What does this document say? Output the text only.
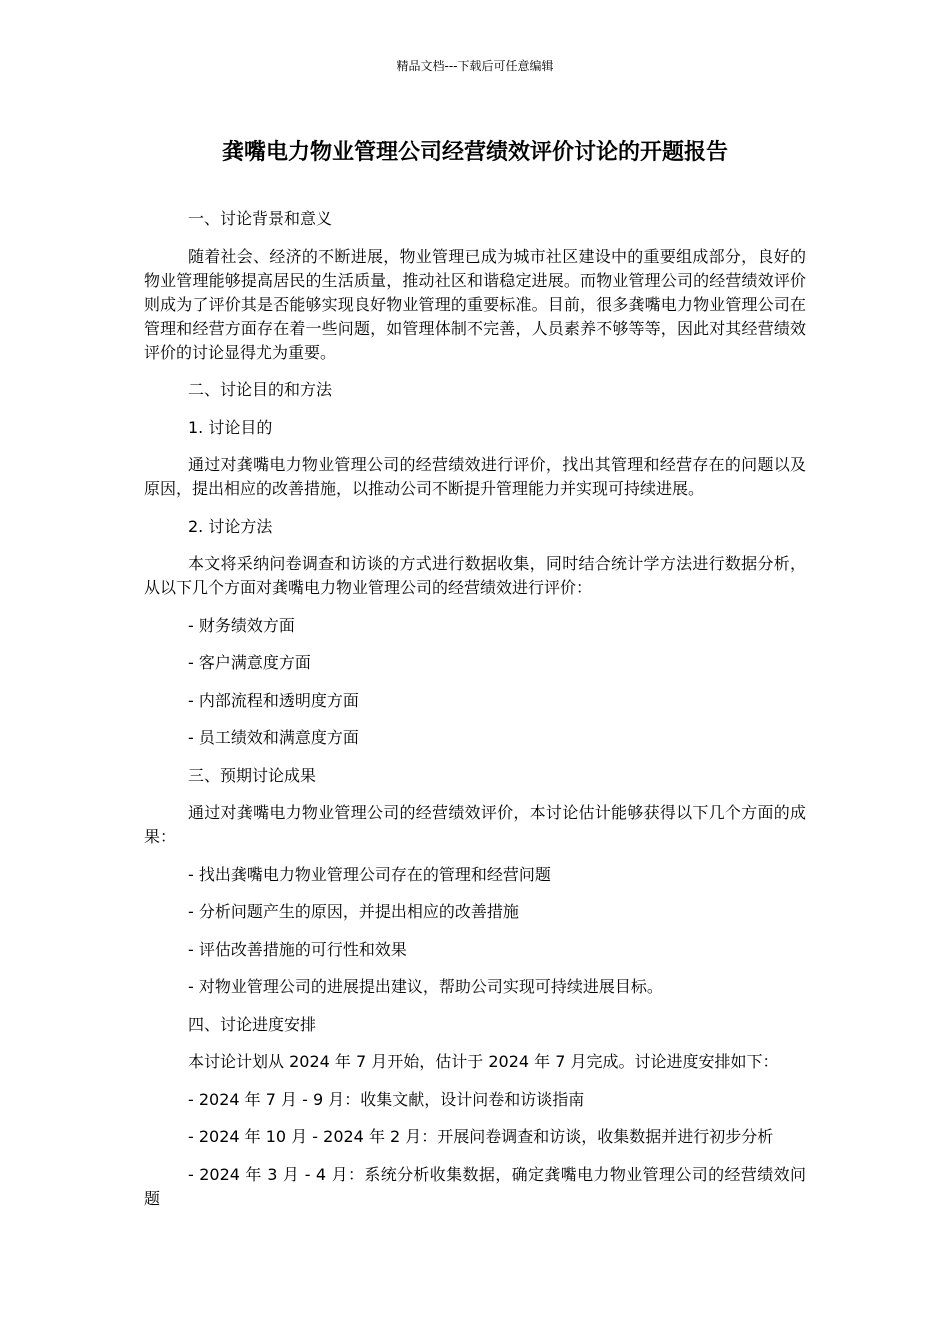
精品文档---下载后可任意编辑
龚嘴电力物业管理公司经营绩效评价讨论的开题报告

一、讨论背景和意义

随着社会、经济的不断进展，物业管理已成为城市社区建设中的重要组成部分，良好的物业管理能够提高居民的生活质量，推动社区和谐稳定进展。而物业管理公司的经营绩效评价则成为了评价其是否能够实现良好物业管理的重要标准。目前，很多龚嘴电力物业管理公司在管理和经营方面存在着一些问题，如管理体制不完善，人员素养不够等等，因此对其经营绩效评价的讨论显得尤为重要。

二、讨论目的和方法

1. 讨论目的

通过对龚嘴电力物业管理公司的经营绩效进行评价，找出其管理和经营存在的问题以及原因，提出相应的改善措施，以推动公司不断提升管理能力并实现可持续进展。

2. 讨论方法

本文将采纳问卷调查和访谈的方式进行数据收集，同时结合统计学方法进行数据分析，从以下几个方面对龚嘴电力物业管理公司的经营绩效进行评价：

- 财务绩效方面

- 客户满意度方面

- 内部流程和透明度方面

- 员工绩效和满意度方面

三、预期讨论成果

通过对龚嘴电力物业管理公司的经营绩效评价，本讨论估计能够获得以下几个方面的成果：

- 找出龚嘴电力物业管理公司存在的管理和经营问题

- 分析问题产生的原因，并提出相应的改善措施

- 评估改善措施的可行性和效果

- 对物业管理公司的进展提出建议，帮助公司实现可持续进展目标。

四、讨论进度安排

本讨论计划从 2024 年 7 月开始，估计于 2024 年 7 月完成。讨论进度安排如下：

- 2024 年 7 月 - 9 月：收集文献，设计问卷和访谈指南

- 2024 年 10 月 - 2024 年 2 月：开展问卷调查和访谈，收集数据并进行初步分析

- 2024 年 3 月 - 4 月：系统分析收集数据，确定龚嘴电力物业管理公司的经营绩效问题
